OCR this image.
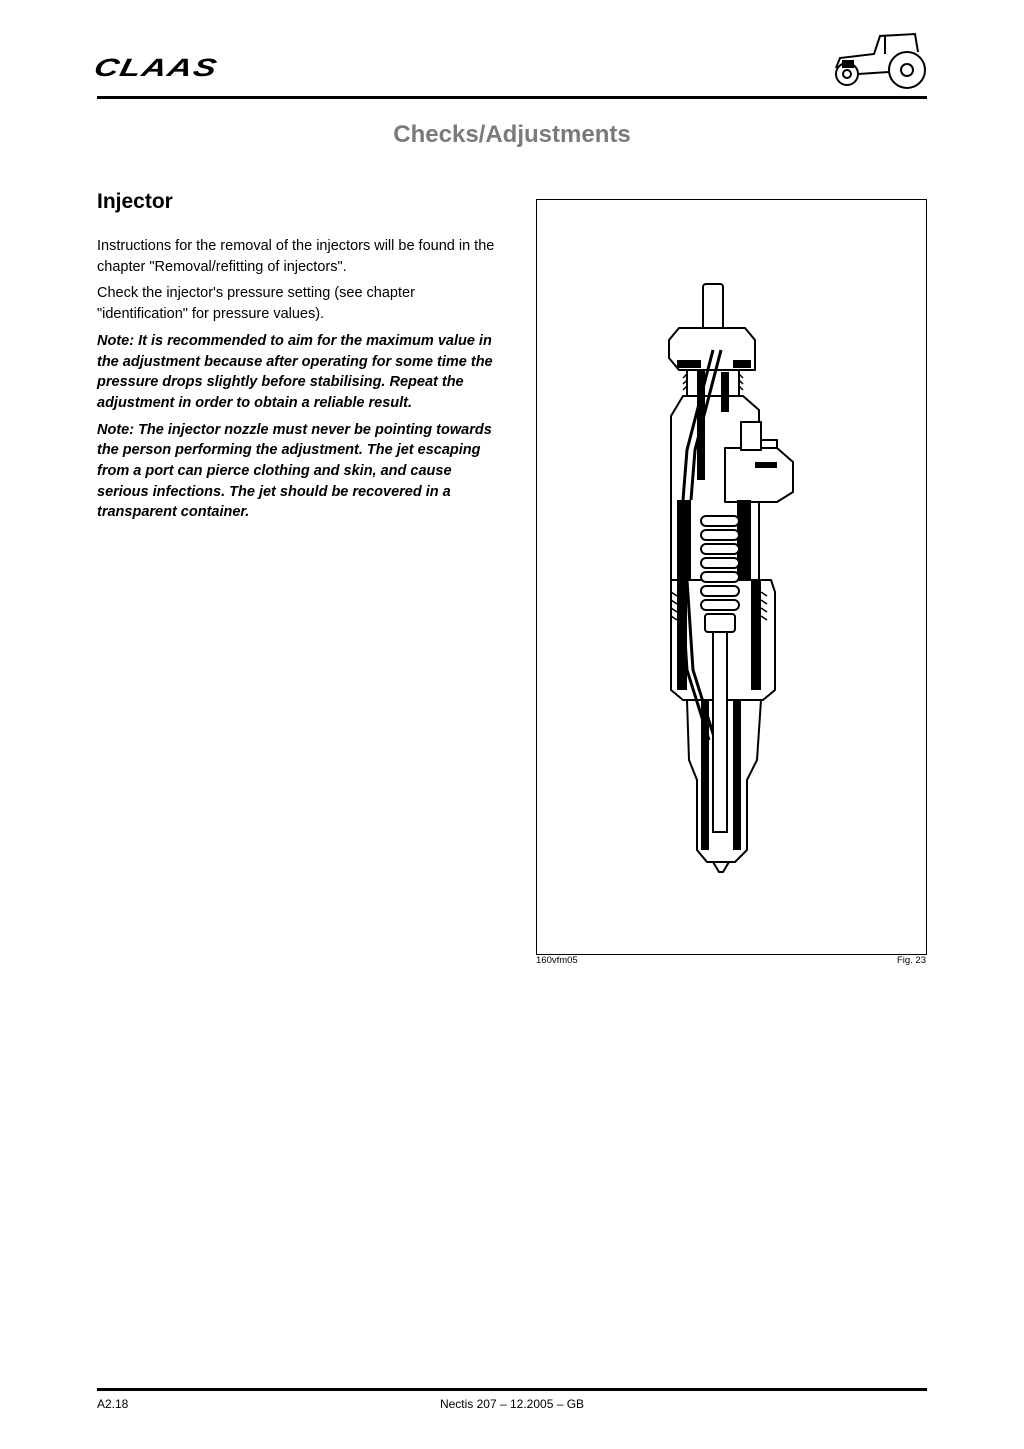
CLAAS
Checks/Adjustments
Injector

Instructions for the removal of the injectors will be found in the chapter "Removal/refitting of injectors".

Check the injector's pressure setting (see chapter "identification" for pressure values).

Note: It is recommended to aim for the maximum value in the adjustment because after operating for some time the pressure drops slightly before stabilising. Repeat the adjustment in order to obtain a reliable result.

Note: The injector nozzle must never be pointing towards the person performing the adjustment. The jet escaping from a port can pierce clothing and skin, and cause serious infections. The jet should be recovered in a transparent container.

160vfm05	Fig. 23
A2.18	Nectis 207 – 12.2005 – GB
